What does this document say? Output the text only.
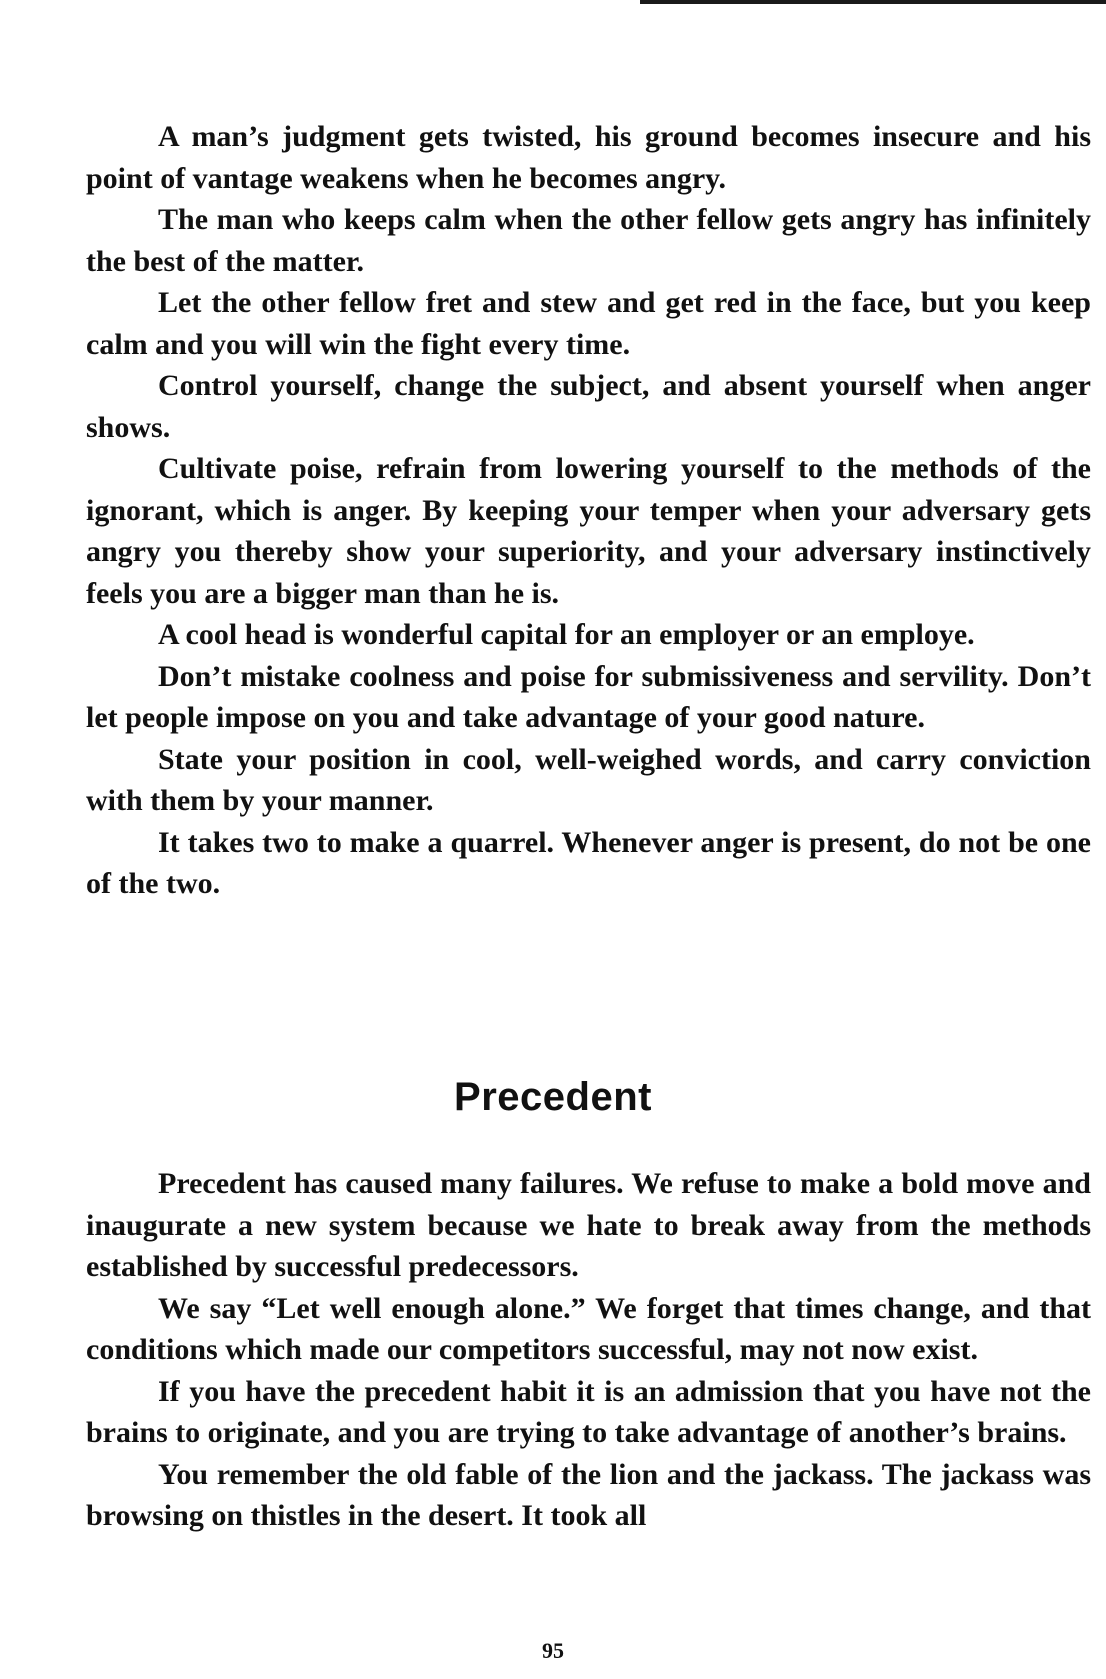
A man’s judgment gets twisted, his ground becomes insecure and his point of vantage weakens when he becomes angry.

The man who keeps calm when the other fellow gets angry has infinitely the best of the matter.

Let the other fellow fret and stew and get red in the face, but you keep calm and you will win the fight every time.

Control yourself, change the subject, and absent yourself when anger shows.

Cultivate poise, refrain from lowering yourself to the methods of the ignorant, which is anger. By keeping your temper when your adversary gets angry you thereby show your superiority, and your adversary instinctively feels you are a bigger man than he is.

A cool head is wonderful capital for an employer or an employe.

Don’t mistake coolness and poise for submissiveness and servility. Don’t let people impose on you and take advantage of your good nature.

State your position in cool, well-weighed words, and carry conviction with them by your manner.

It takes two to make a quarrel. Whenever anger is present, do not be one of the two.

Precedent

Precedent has caused many failures. We refuse to make a bold move and inaugurate a new system because we hate to break away from the methods established by successful predecessors.

We say “Let well enough alone.” We forget that times change, and that conditions which made our competitors successful, may not now exist.

If you have the precedent habit it is an admission that you have not the brains to originate, and you are trying to take advantage of another’s brains.

You remember the old fable of the lion and the jackass. The jackass was browsing on thistles in the desert. It took all

95
